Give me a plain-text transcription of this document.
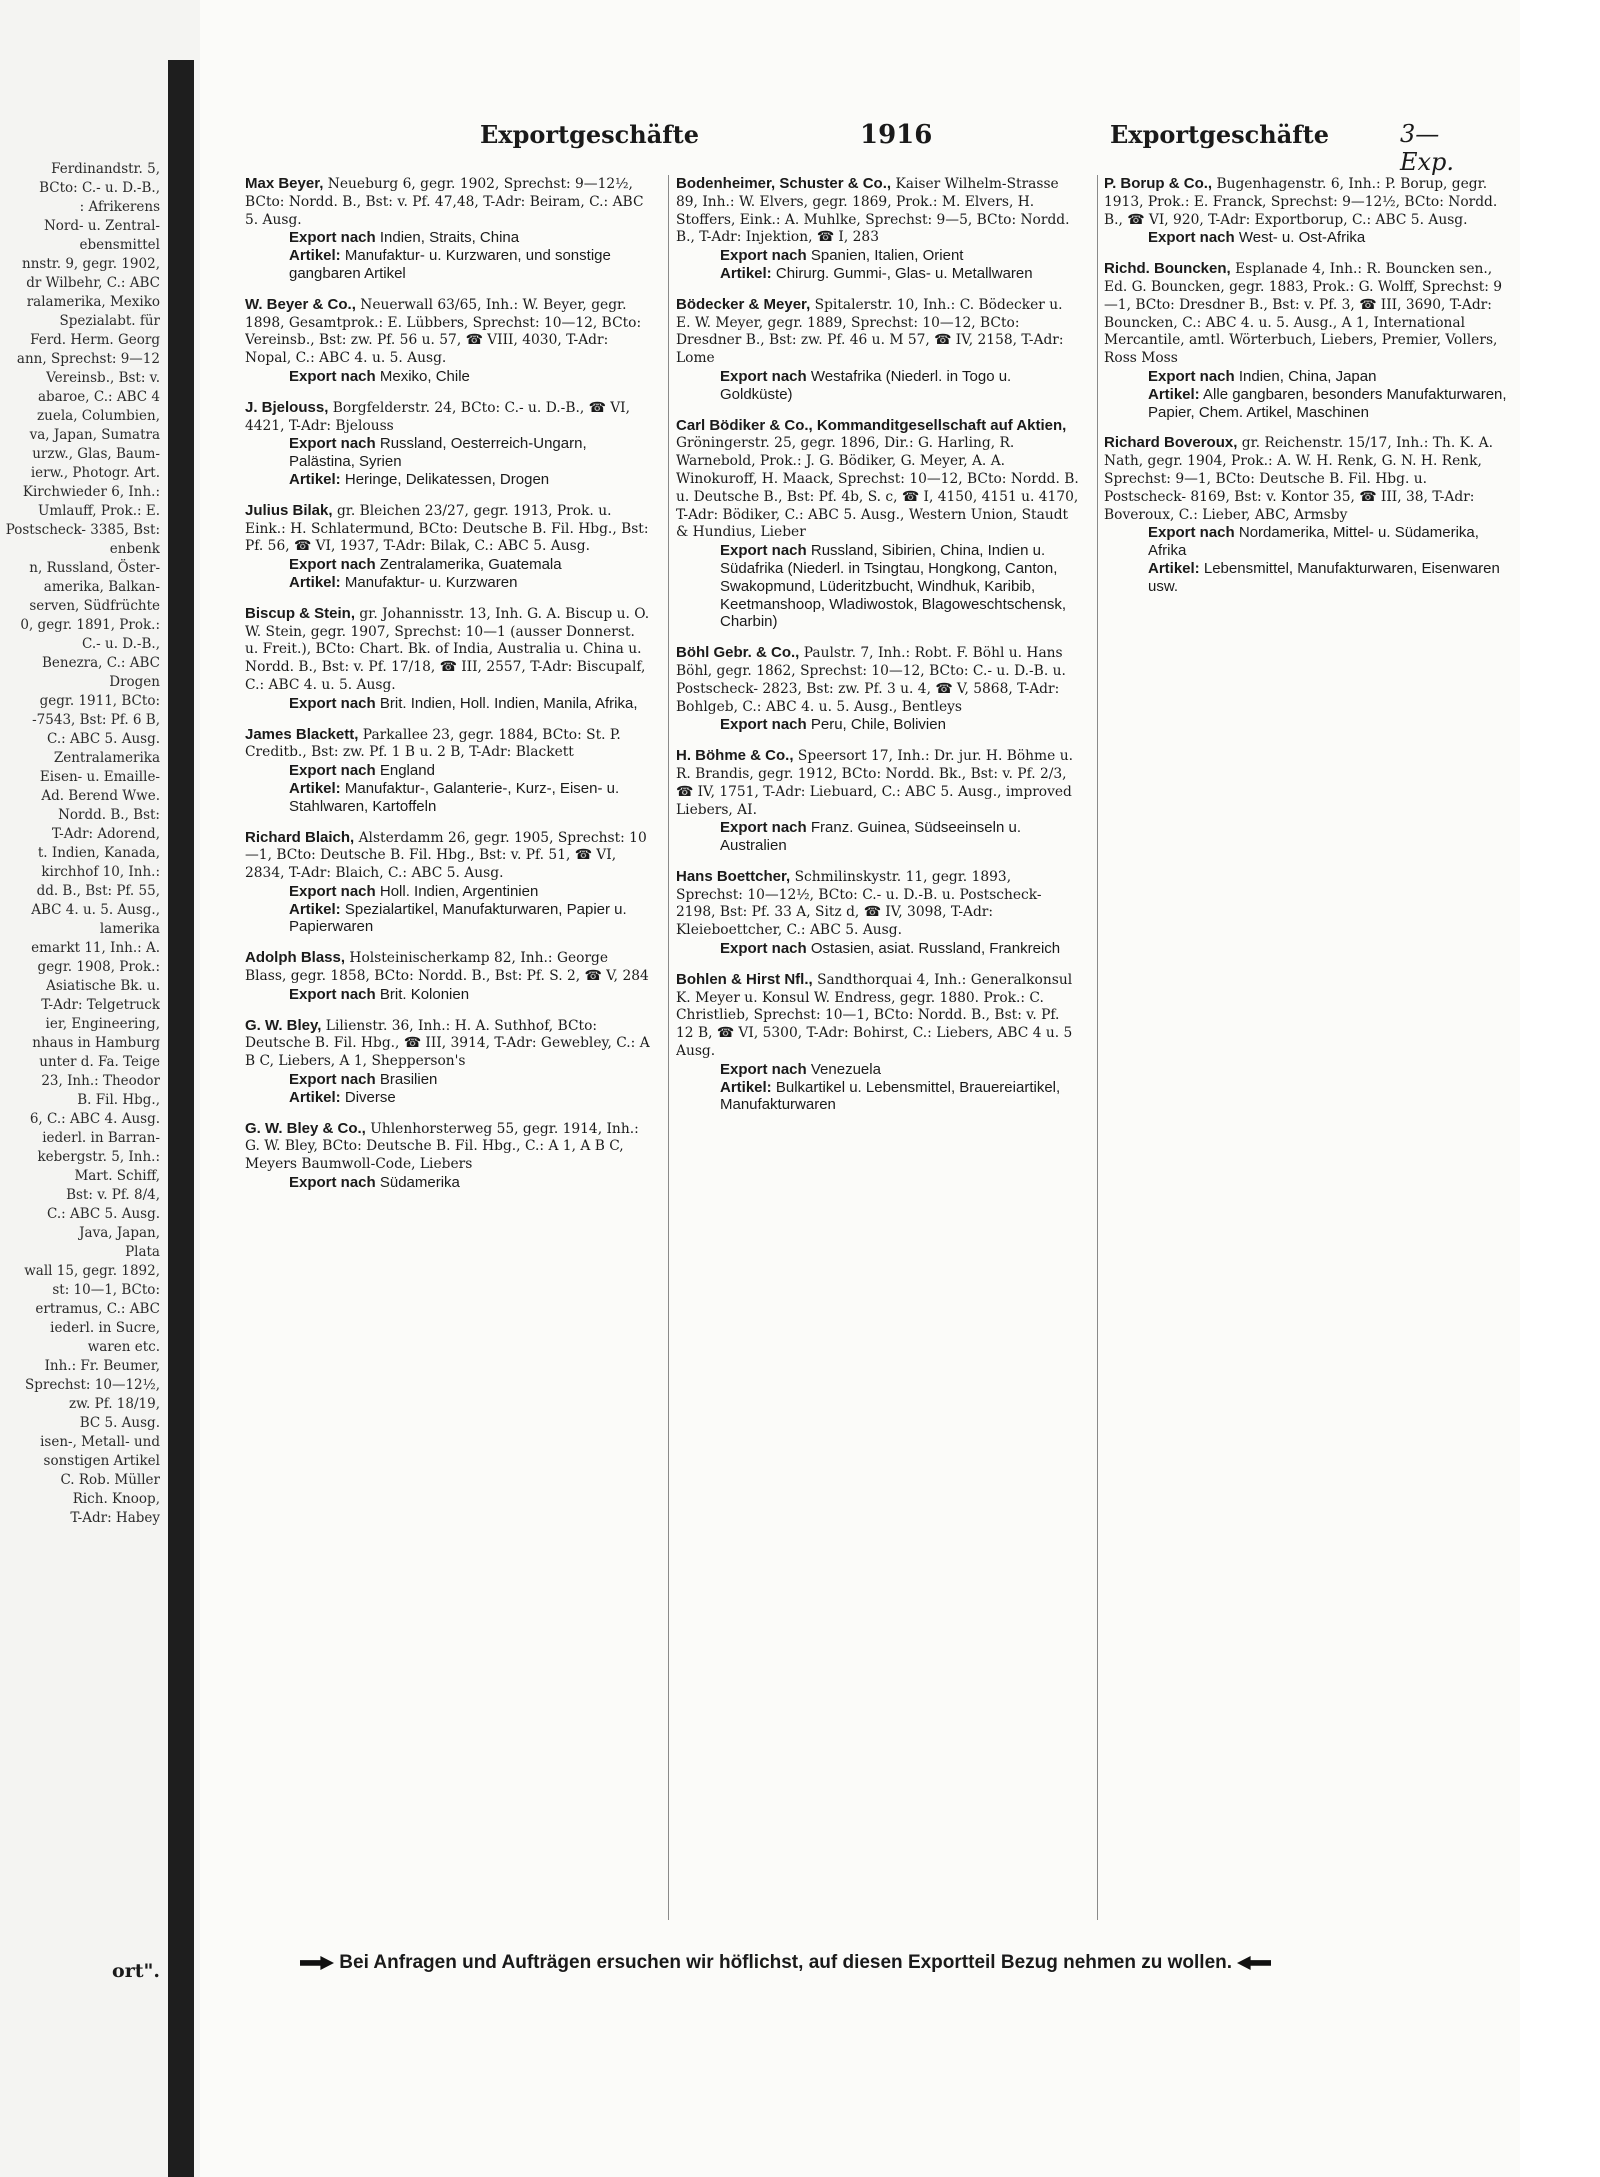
Ferdinandstr. 5,
BCto: C.- u. D.-B.,
: Afrikerens
Nord- u. Zentral-
ebensmittel
nnstr. 9, gegr. 1902,
dr Wilbehr, C.: ABC
ralamerika, Mexiko
Spezialabt. für
Ferd. Herm. Georg
ann, Sprechst: 9—12
Vereinsb., Bst: v.
abaroe, C.: ABC 4
zuela, Columbien,
va, Japan, Sumatra
urzw., Glas, Baum-
ierw., Photogr. Art.
Kirchwieder 6, Inh.:
Umlauff, Prok.: E.
Postscheck- 3385, Bst:
enbenk
n, Russland, Öster-
amerika, Balkan-
serven, Südfrüchte
0, gegr. 1891, Prok.:
C.- u. D.-B.,
Benezra, C.: ABC
Drogen
gegr. 1911, BCto:
-7543, Bst: Pf. 6 B,
C.: ABC 5. Ausg.
Zentralamerika
Eisen- u. Emaille-
Ad. Berend Wwe.
Nordd. B., Bst:
T-Adr: Adorend,
t. Indien, Kanada,
kirchhof 10, Inh.:
dd. B., Bst: Pf. 55,
ABC 4. u. 5. Ausg.,
lamerika
emarkt 11, Inh.: A.
gegr. 1908, Prok.:
Asiatische Bk. u.
T-Adr: Telgetruck
ier, Engineering,
nhaus in Hamburg
unter d. Fa. Teige
23, Inh.: Theodor
B. Fil. Hbg.,
6, C.: ABC 4. Ausg.
iederl. in Barran-
kebergstr. 5, Inh.:
Mart. Schiff,
Bst: v. Pf. 8/4,
C.: ABC 5. Ausg.
Java, Japan,
Plata
wall 15, gegr. 1892,
st: 10—1, BCto:
ertramus, C.: ABC
iederl. in Sucre,
waren etc.
Inh.: Fr. Beumer,
Sprechst: 10—12½,
zw. Pf. 18/19,
BC 5. Ausg.
isen-, Metall- und
sonstigen Artikel
C. Rob. Müller
Rich. Knoop,
T-Adr: Habey
ort".
Exportgeschäfte	1916	Exportgeschäfte	3—Exp.
Max Beyer, Neueburg 6, gegr. 1902, Sprechst: 9—12½, BCto: Nordd. B., Bst: v. Pf. 47,48, T-Adr: Beiram, C.: ABC 5. Ausg.
Export nach Indien, Straits, China
Artikel: Manufaktur- u. Kurzwaren, und sonstige gangbaren Artikel
W. Beyer & Co., Neuerwall 63/65, Inh.: W. Beyer, gegr. 1898, Gesamtprok.: E. Lübbers, Sprechst: 10—12, BCto: Vereinsb., Bst: zw. Pf. 56 u. 57, ☎ VIII, 4030, T-Adr: Nopal, C.: ABC 4. u. 5. Ausg.
Export nach Mexiko, Chile
J. Bjelouss, Borgfelderstr. 24, BCto: C.- u. D.-B., ☎ VI, 4421, T-Adr: Bjelouss
Export nach Russland, Oesterreich-Ungarn, Palästina, Syrien
Artikel: Heringe, Delikatessen, Drogen
Julius Bilak, gr. Bleichen 23/27, gegr. 1913, Prok. u. Eink.: H. Schlatermund, BCto: Deutsche B. Fil. Hbg., Bst: Pf. 56, ☎ VI, 1937, T-Adr: Bilak, C.: ABC 5. Ausg.
Export nach Zentralamerika, Guatemala
Artikel: Manufaktur- u. Kurzwaren
Biscup & Stein, gr. Johannisstr. 13, Inh. G. A. Biscup u. O. W. Stein, gegr. 1907, Sprechst: 10—1 (ausser Donnerst. u. Freit.), BCto: Chart. Bk. of India, Australia u. China u. Nordd. B., Bst: v. Pf. 17/18, ☎ III, 2557, T-Adr: Biscupalf, C.: ABC 4. u. 5. Ausg.
Export nach Brit. Indien, Holl. Indien, Manila, Afrika,
James Blackett, Parkallee 23, gegr. 1884, BCto: St. P. Creditb., Bst: zw. Pf. 1 B u. 2 B, T-Adr: Blackett
Export nach England
Artikel: Manufaktur-, Galanterie-, Kurz-, Eisen- u. Stahlwaren, Kartoffeln
Richard Blaich, Alsterdamm 26, gegr. 1905, Sprechst: 10—1, BCto: Deutsche B. Fil. Hbg., Bst: v. Pf. 51, ☎ VI, 2834, T-Adr: Blaich, C.: ABC 5. Ausg.
Export nach Holl. Indien, Argentinien
Artikel: Spezialartikel, Manufakturwaren, Papier u. Papierwaren
Adolph Blass, Holsteinischerkamp 82, Inh.: George Blass, gegr. 1858, BCto: Nordd. B., Bst: Pf. S. 2, ☎ V, 284
Export nach Brit. Kolonien
G. W. Bley, Lilienstr. 36, Inh.: H. A. Suthhof, BCto: Deutsche B. Fil. Hbg., ☎ III, 3914, T-Adr: Gewebley, C.: A B C, Liebers, A 1, Shepperson's
Export nach Brasilien
Artikel: Diverse
G. W. Bley & Co., Uhlenhorsterweg 55, gegr. 1914, Inh.: G. W. Bley, BCto: Deutsche B. Fil. Hbg., C.: A 1, A B C, Meyers Baumwoll-Code, Liebers
Export nach Südamerika
Bodenheimer, Schuster & Co., Kaiser Wilhelm-Strasse 89, Inh.: W. Elvers, gegr. 1869, Prok.: M. Elvers, H. Stoffers, Eink.: A. Muhlke, Sprechst: 9—5, BCto: Nordd. B., T-Adr: Injektion, ☎ I, 283
Export nach Spanien, Italien, Orient
Artikel: Chirurg. Gummi-, Glas- u. Metallwaren
Bödecker & Meyer, Spitalerstr. 10, Inh.: C. Bödecker u. E. W. Meyer, gegr. 1889, Sprechst: 10—12, BCto: Dresdner B., Bst: zw. Pf. 46 u. M 57, ☎ IV, 2158, T-Adr: Lome
Export nach Westafrika (Niederl. in Togo u. Goldküste)
Carl Bödiker & Co., Kommanditgesellschaft auf Aktien, Gröningerstr. 25, gegr. 1896, Dir.: G. Harling, R. Warnebold, Prok.: J. G. Bödiker, G. Meyer, A. A. Winokuroff, H. Maack, Sprechst: 10—12, BCto: Nordd. B. u. Deutsche B., Bst: Pf. 4b, S. c, ☎ I, 4150, 4151 u. 4170, T-Adr: Bödiker, C.: ABC 5. Ausg., Western Union, Staudt & Hundius, Lieber
Export nach Russland, Sibirien, China, Indien u. Südafrika (Niederl. in Tsingtau, Hongkong, Canton, Swakopmund, Lüderitzbucht, Windhuk, Karibib, Keetmanshoop, Wladiwostok, Blagoweschtschensk, Charbin)
Böhl Gebr. & Co., Paulstr. 7, Inh.: Robt. F. Böhl u. Hans Böhl, gegr. 1862, Sprechst: 10—12, BCto: C.- u. D.-B. u. Postscheck- 2823, Bst: zw. Pf. 3 u. 4, ☎ V, 5868, T-Adr: Bohlgeb, C.: ABC 4. u. 5. Ausg., Bentleys
Export nach Peru, Chile, Bolivien
H. Böhme & Co., Speersort 17, Inh.: Dr. jur. H. Böhme u. R. Brandis, gegr. 1912, BCto: Nordd. Bk., Bst: v. Pf. 2/3, ☎ IV, 1751, T-Adr: Liebuard, C.: ABC 5. Ausg., improved Liebers, AI.
Export nach Franz. Guinea, Südseeinseln u. Australien
Hans Boettcher, Schmilinskystr. 11, gegr. 1893, Sprechst: 10—12½, BCto: C.- u. D.-B. u. Postscheck- 2198, Bst: Pf. 33 A, Sitz d, ☎ IV, 3098, T-Adr: Kleieboettcher, C.: ABC 5. Ausg.
Export nach Ostasien, asiat. Russland, Frankreich
Bohlen & Hirst Nfl., Sandthorquai 4, Inh.: Generalkonsul K. Meyer u. Konsul W. Endress, gegr. 1880. Prok.: C. Christlieb, Sprechst: 10—1, BCto: Nordd. B., Bst: v. Pf. 12 B, ☎ VI, 5300, T-Adr: Bohirst, C.: Liebers, ABC 4 u. 5 Ausg.
Export nach Venezuela
Artikel: Bulkartikel u. Lebensmittel, Brauereiartikel, Manufakturwaren
P. Borup & Co., Bugenhagenstr. 6, Inh.: P. Borup, gegr. 1913, Prok.: E. Franck, Sprechst: 9—12½, BCto: Nordd. B., ☎ VI, 920, T-Adr: Exportborup, C.: ABC 5. Ausg.
Export nach West- u. Ost-Afrika
Richd. Bouncken, Esplanade 4, Inh.: R. Bouncken sen., Ed. G. Bouncken, gegr. 1883, Prok.: G. Wolff, Sprechst: 9—1, BCto: Dresdner B., Bst: v. Pf. 3, ☎ III, 3690, T-Adr: Bouncken, C.: ABC 4. u. 5. Ausg., A 1, International Mercantile, amtl. Wörterbuch, Liebers, Premier, Vollers, Ross Moss
Export nach Indien, China, Japan
Artikel: Alle gangbaren, besonders Manufakturwaren, Papier, Chem. Artikel, Maschinen
Richard Boveroux, gr. Reichenstr. 15/17, Inh.: Th. K. A. Nath, gegr. 1904, Prok.: A. W. H. Renk, G. N. H. Renk, Sprechst: 9—1, BCto: Deutsche B. Fil. Hbg. u. Postscheck- 8169, Bst: v. Kontor 35, ☎ III, 38, T-Adr: Boveroux, C.: Lieber, ABC, Armsby
Export nach Nordamerika, Mittel- u. Südamerika, Afrika
Artikel: Lebensmittel, Manufakturwaren, Eisenwaren usw.
Bei Anfragen und Aufträgen ersuchen wir höflichst, auf diesen Exportteil Bezug nehmen zu wollen.
